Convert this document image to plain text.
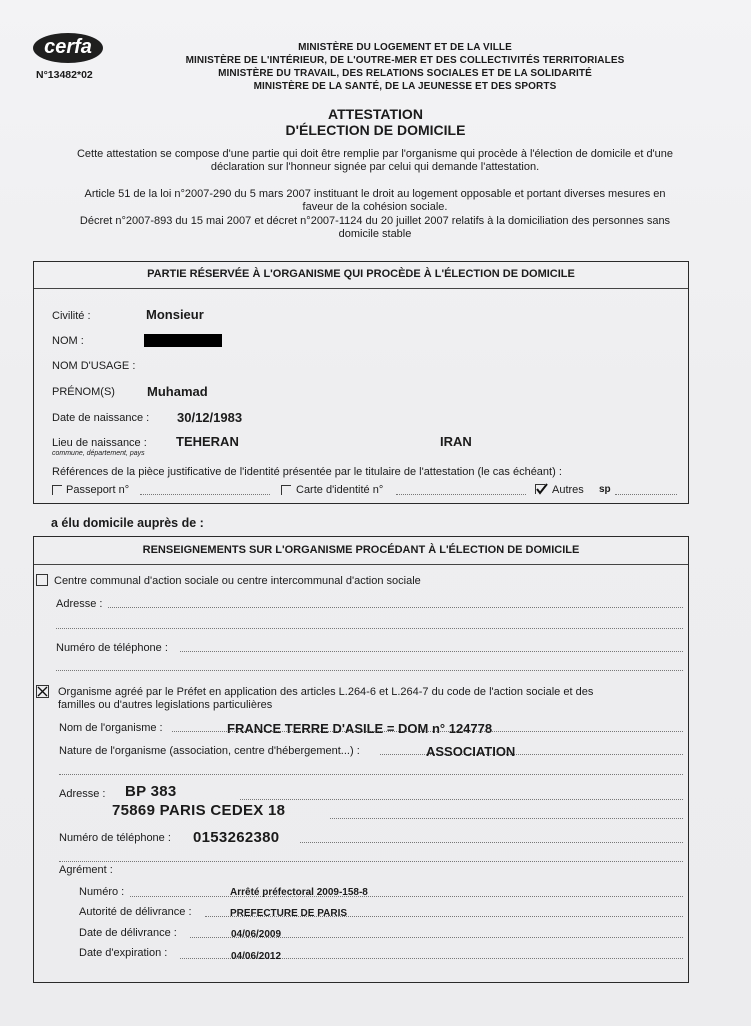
cerfa
N°13482*02
MINISTÈRE DU LOGEMENT ET DE LA VILLE
MINISTÈRE DE L'INTÉRIEUR, DE L'OUTRE-MER ET DES COLLECTIVITÉS TERRITORIALES
MINISTÈRE DU TRAVAIL, DES RELATIONS SOCIALES ET DE LA SOLIDARITÉ
MINISTÈRE DE LA SANTÉ, DE LA JEUNESSE ET DES SPORTS
ATTESTATION
D'ÉLECTION DE DOMICILE
Cette attestation se compose d'une partie qui doit être remplie par l'organisme qui procède à l'élection de domicile et d'une
déclaration sur l'honneur signée par celui qui demande l'attestation.
Article 51 de la loi n°2007-290 du 5 mars 2007 instituant le droit au logement opposable et portant diverses mesures en
faveur de la cohésion sociale.
Décret n°2007-893 du 15 mai 2007 et décret n°2007-1124 du 20 juillet 2007 relatifs à la domiciliation des personnes sans
domicile stable
PARTIE RÉSERVÉE À L'ORGANISME QUI PROCÈDE À L'ÉLECTION DE DOMICILE
Civilité :	Monsieur
NOM :
NOM D'USAGE :
PRÉNOM(S) Muhamad
Date de naissance : 30/12/1983
Lieu de naissance :
commune, département, pays
TEHERAN	IRAN
Références de la pièce justificative de l'identité présentée par le titulaire de l'attestation (le cas échéant) :
Passeport n°	Carte d'identité n°	Autres sp
a élu domicile auprès de :
RENSEIGNEMENTS SUR L'ORGANISME PROCÉDANT À L'ÉLECTION DE DOMICILE
Centre communal d'action sociale ou centre intercommunal d'action sociale
Adresse :
Numéro de téléphone :
Organisme agréé par le Préfet en application des articles L.264-6 et L.264-7 du code de l'action sociale et des
familles ou d'autres legislations particulières
Nom de l'organisme :	FRANCE TERRE D'ASILE = DOM n° 124778
Nature de l'organisme (association, centre d'hébergement...) :	ASSOCIATION
Adresse : BP 383
75869 PARIS CEDEX 18
Numéro de téléphone : 0153262380
Agrément :
Numéro :	Arrêté préfectoral 2009-158-8
Autorité de délivrance :	PREFECTURE DE PARIS
Date de délivrance :	04/06/2009
Date d'expiration :	04/06/2012
